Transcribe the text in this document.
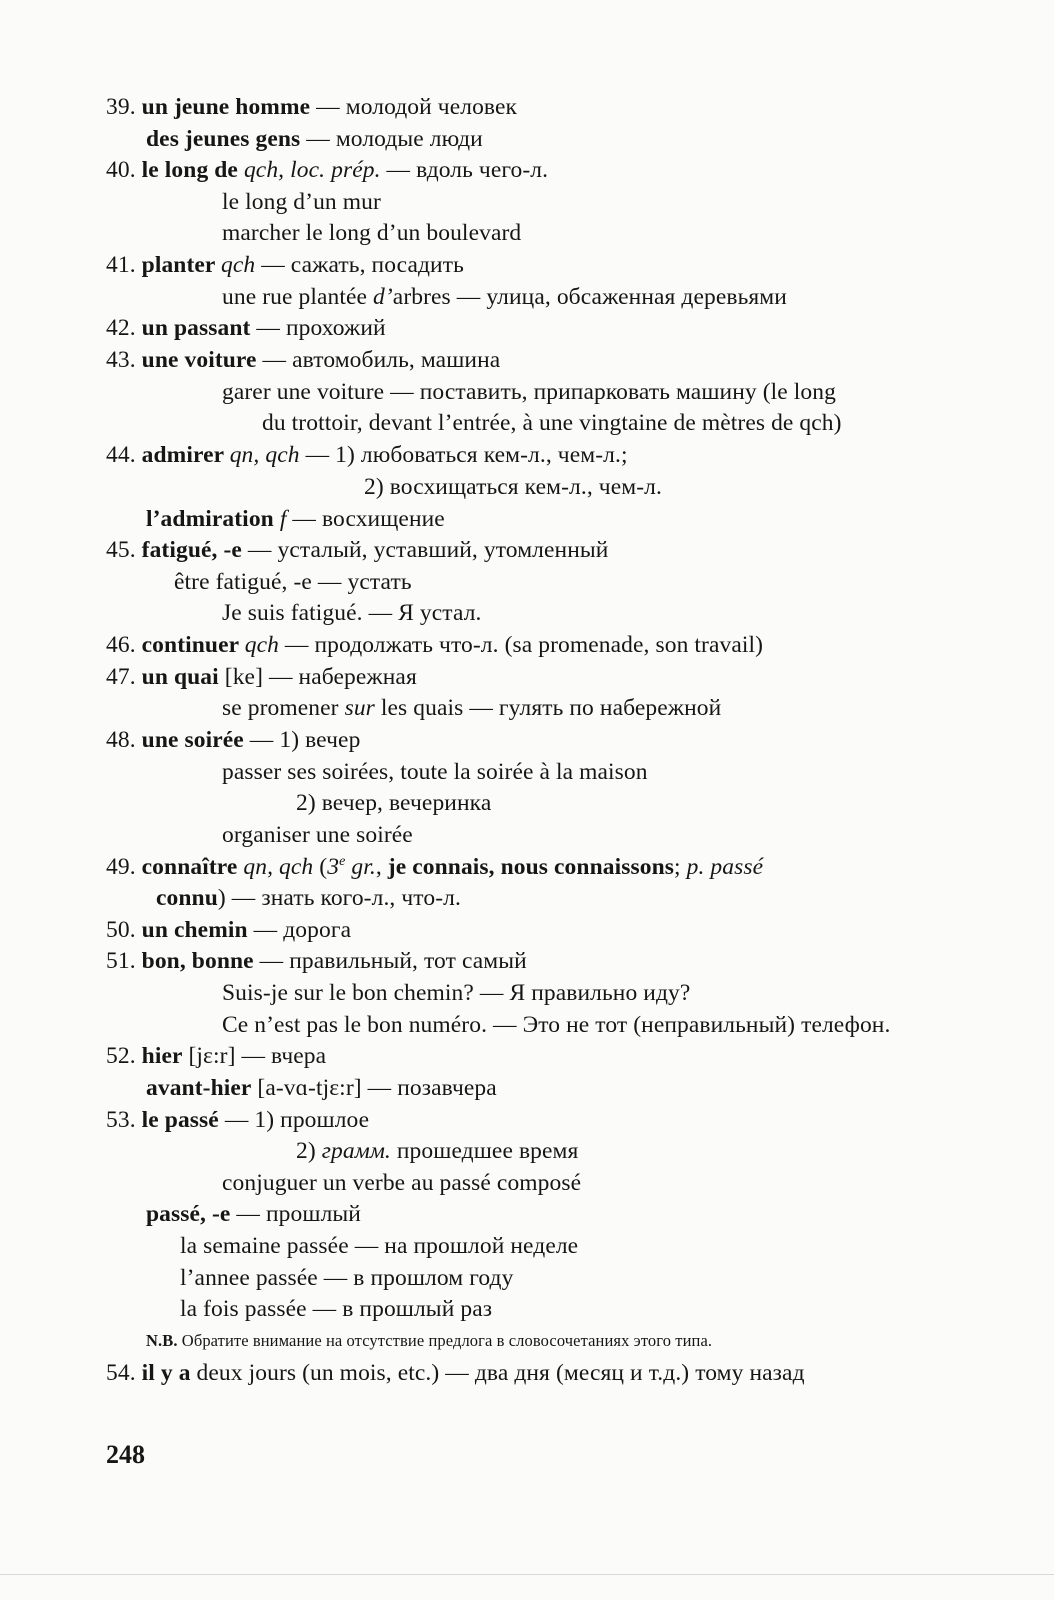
39. un jeune homme — молодой человек
des jeunes gens — молодые люди
40. le long de qch, loc. prép. — вдоль чего-л.
le long d’un mur
marcher le long d’un boulevard
41. planter qch — сажать, посадить
une rue plantée d’arbres — улица, обсаженная деревьями
42. un passant — прохожий
43. une voiture — автомобиль, машина
garer une voiture — поставить, припарковать машину (le long
du trottoir, devant l’entrée, à une vingtaine de mètres de qch)
44. admirer qn, qch — 1) любоваться кем-л., чем-л.;
2) восхищаться кем-л., чем-л.
l’admiration f — восхищение
45. fatigué, -e — усталый, уставший, утомленный
être fatigué, -e — устать
Je suis fatigué. — Я устал.
46. continuer qch — продолжать что-л. (sa promenade, son travail)
47. un quai [ke] — набережная
se promener sur les quais — гулять по набережной
48. une soirée — 1) вечер
passer ses soirées, toute la soirée à la maison
2) вечер, вечеринка
organiser une soirée
49. connaître qn, qch (3e gr., je connais, nous connaissons; p. passé
connu) — знать кого-л., что-л.
50. un chemin — дорога
51. bon, bonne — правильный, тот самый
Suis-je sur le bon chemin? — Я правильно иду?
Ce n’est pas le bon numéro. — Это не тот (неправильный) телефон.
52. hier [jɛ:r] — вчера
avant-hier [a-vɑ-tjɛ:r] — позавчера
53. le passé — 1) прошлое
2) грамм. прошедшее время
conjuguer un verbe au passé composé
passé, -e — прошлый
la semaine passée — на прошлой неделе
l’annee passée — в прошлом году
la fois passée — в прошлый раз
N.B. Обратите внимание на отсутствие предлога в словосочетаниях этого типа.
54. il y a deux jours (un mois, etc.) — два дня (месяц и т.д.) тому назад
248
